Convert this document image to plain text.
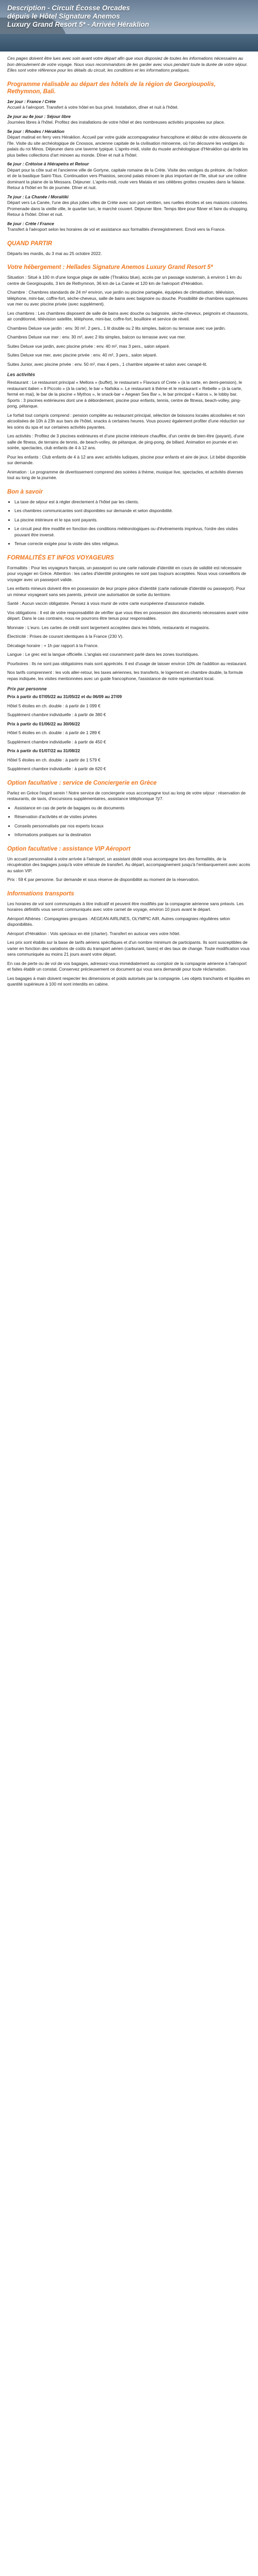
Description - Circuit Écosse Orcades
dépuis le Hôtel Signature Anemos
Luxury Grand Resort 5* - Arrivée Héraklion

Ces pages doivent être lues avec soin avant votre départ afin que vous disposiez de toutes les informations nécessaires au bon déroulement de votre voyage. Nous vous recommandons de les garder avec vous pendant toute la durée de votre séjour. Elles sont votre référence pour les détails du circuit, les conditions et les informations pratiques.

Programme réalisable au départ des hôtels de la région de Georgioupolis, Rethymnon, Bali.

1er jour : France / Crète
Accueil à l'aéroport. Transfert à votre hôtel en bus privé. Installation, dîner et nuit à l'hôtel.

2e jour au 4e jour : Séjour libre
Journées libres à l'hôtel. Profitez des installations de votre hôtel et des nombreuses activités proposées sur place.

5e jour : Rhodes / Héraklion
Départ matinal en ferry vers Héraklion. Accueil par votre guide accompagnateur francophone et début de votre découverte de l'île. Visite du site archéologique de Cnossos, ancienne capitale de la civilisation minoenne, où l'on découvre les vestiges du palais du roi Minos. Déjeuner dans une taverne typique. L'après-midi, visite du musée archéologique d'Héraklion qui abrite les plus belles collections d'art minoen au monde. Dîner et nuit à l'hôtel.

6e jour : Crétoise à Hiérapetra et Retour
Départ pour la côte sud et l'ancienne ville de Gortyne, capitale romaine de la Crète. Visite des vestiges du prétoire, de l'odéon et de la basilique Saint-Titus. Continuation vers Phaistos, second palais minoen le plus important de l'île, situé sur une colline dominant la plaine de la Messara. Déjeuner. L'après-midi, route vers Matala et ses célèbres grottes creusées dans la falaise. Retour à l'hôtel en fin de journée. Dîner et nuit.

7e jour : La Chanée / Moraitiki
Départ vers La Canée, l'une des plus jolies villes de Crète avec son port vénitien, ses ruelles étroites et ses maisons colorées. Promenade dans la vieille ville, le quartier turc, le marché couvert. Déjeuner libre. Temps libre pour flâner et faire du shopping. Retour à l'hôtel. Dîner et nuit.

8e jour : Crète / France
Transfert à l'aéroport selon les horaires de vol et assistance aux formalités d'enregistrement. Envol vers la France.

QUAND PARTIR

Départs les mardis, du 3 mai au 25 octobre 2022.

Votre hébergement : Hellades Signature Anemos Luxury Grand Resort 5*

Situation : Situé à 100 m d'une longue plage de sable (Thrakiou blue), accès par un passage souterrain, à environ 1 km du centre de Georgioupolis, 3 km de Rethymnon, 36 km de La Canée et 120 km de l'aéroport d'Héraklion.

Chambre : Chambres standards de 24 m² environ, vue jardin ou piscine partagée, équipées de climatisation, télévision, téléphone, mini-bar, coffre-fort, sèche-cheveux, salle de bains avec baignoire ou douche. Possibilité de chambres supérieures vue mer ou avec piscine privée (avec supplément).

Les chambres : Les chambres disposent de salle de bains avec douche ou baignoire, sèche-cheveux, peignoirs et chaussons, air conditionné, télévision satellite, téléphone, mini-bar, coffre-fort, bouilloire et service de réveil.

Chambres Deluxe vue jardin : env. 30 m², 2 pers., 1 lit double ou 2 lits simples, balcon ou terrasse avec vue jardin.

Chambres Deluxe vue mer : env. 30 m², avec 2 lits simples, balcon ou terrasse avec vue mer.

Suites Deluxe vue jardin, avec piscine privée : env. 40 m², max 3 pers., salon séparé.

Suites Deluxe vue mer, avec piscine privée : env. 40 m², 3 pers., salon séparé.

Suites Junior, avec piscine privée : env. 50 m², max 4 pers., 1 chambre séparée et salon avec canapé-lit.

Les activités

Restaurant : Le restaurant principal « Mellora » (buffet), le restaurant « Flavours of Crete » (à la carte, en demi-pension), le restaurant italien « Il Piccolo » (à la carte), le bar « Nafsika ». Le restaurant à thème et le restaurant « Rebelle » (à la carte, fermé en mai), le bar de la piscine « Mythos », le snack-bar « Aegean Sea Bar », le bar principal « Kairos », le lobby bar. Sports : 3 piscines extérieures dont une à débordement, piscine pour enfants, tennis, centre de fitness, beach-volley, ping-pong, pétanque.

Le forfait tout compris comprend : pension complète au restaurant principal, sélection de boissons locales alcoolisées et non alcoolisées de 10h à 23h aux bars de l'hôtel, snacks à certaines heures. Vous pouvez également profiter d'une réduction sur les soins du spa et sur certaines activités payantes.

Les activités : Profitez de 3 piscines extérieures et d'une piscine intérieure chauffée, d'un centre de bien-être (payant), d'une salle de fitness, de terrains de tennis, de beach-volley, de pétanque, de ping-pong, de billard. Animation en journée et en soirée, spectacles, club enfants de 4 à 12 ans.

Pour les enfants : Club enfants de 4 à 12 ans avec activités ludiques, piscine pour enfants et aire de jeux. Lit bébé disponible sur demande.

Animation : Le programme de divertissement comprend des soirées à thème, musique live, spectacles, et activités diverses tout au long de la journée.

Bon à savoir
• La taxe de séjour est à régler directement à l'hôtel par les clients.
• Les chambres communicantes sont disponibles sur demande et selon disponibilité.
• La piscine intérieure et le spa sont payants.
• Le circuit peut être modifié en fonction des conditions météorologiques ou d'événements imprévus, l'ordre des visites pouvant être inversé.
• Tenue correcte exigée pour la visite des sites religieux.
FORMALITÉS ET INFOS VOYAGEURS

Formalités : Pour les voyageurs français, un passeport ou une carte nationale d'identité en cours de validité est nécessaire pour voyager en Grèce. Attention : les cartes d'identité prolongées ne sont pas toujours acceptées. Nous vous conseillons de voyager avec un passeport valide.

Les enfants mineurs doivent être en possession de leur propre pièce d'identité (carte nationale d'identité ou passeport). Pour un mineur voyageant sans ses parents, prévoir une autorisation de sortie du territoire.

Santé : Aucun vaccin obligatoire. Pensez à vous munir de votre carte européenne d'assurance maladie.

Vos obligations : Il est de votre responsabilité de vérifier que vous êtes en possession des documents nécessaires avant votre départ. Dans le cas contraire, nous ne pourrons être tenus pour responsables.

Monnaie : L'euro. Les cartes de crédit sont largement acceptées dans les hôtels, restaurants et magasins.

Électricité : Prises de courant identiques à la France (230 V).

Décalage horaire : + 1h par rapport à la France.

Langue : Le grec est la langue officielle. L'anglais est couramment parlé dans les zones touristiques.

Pourboires : Ils ne sont pas obligatoires mais sont appréciés. Il est d'usage de laisser environ 10% de l'addition au restaurant.

Nos tarifs comprennent : les vols aller-retour, les taxes aériennes, les transferts, le logement en chambre double, la formule repas indiquée, les visites mentionnées avec un guide francophone, l'assistance de notre représentant local.

Prix par personne

Prix à partir du 07/05/22 au 31/05/22 et du 06/09 au 27/09

Hôtel 5 étoiles en ch. double : à partir de 1 099 €

Supplément chambre individuelle : à partir de 380 €

Prix à partir du 01/06/22 au 30/06/22

Hôtel 5 étoiles en ch. double : à partir de 1 289 €

Supplément chambre individuelle : à partir de 450 €

Prix à partir du 01/07/22 au 31/08/22

Hôtel 5 étoiles en ch. double : à partir de 1 579 €

Supplément chambre individuelle : à partir de 620 €

Option facultative : service de Conciergerie en Grèce

Parlez en Grèce l'esprit serein ! Notre service de conciergerie vous accompagne tout au long de votre séjour : réservation de restaurants, de taxis, d'excursions supplémentaires, assistance téléphonique 7j/7.

• Assistance en cas de perte de bagages ou de documents
• Réservation d'activités et de visites privées
• Conseils personnalisés par nos experts locaux
• Informations pratiques sur la destination
Option facultative : assistance VIP Aéroport

Un accueil personnalisé à votre arrivée à l'aéroport, un assistant dédié vous accompagne lors des formalités, de la récupération des bagages jusqu'à votre véhicule de transfert. Au départ, accompagnement jusqu'à l'embarquement avec accès au salon VIP.

Prix : 59 € par personne. Sur demande et sous réserve de disponibilité au moment de la réservation.

Informations transports

Les horaires de vol sont communiqués à titre indicatif et peuvent être modifiés par la compagnie aérienne sans préavis. Les horaires définitifs vous seront communiqués avec votre carnet de voyage, environ 10 jours avant le départ.

Aéroport Athènes : Compagnies grecques : AEGEAN AIRLINES, OLYMPIC AIR. Autres compagnies régulières selon disponibilités.

Aéroport d'Héraklion : Vols spéciaux en été (charter). Transfert en autocar vers votre hôtel.

Les prix sont établis sur la base de tarifs aériens spécifiques et d'un nombre minimum de participants. Ils sont susceptibles de varier en fonction des variations de coûts du transport aérien (carburant, taxes) et des taux de change. Toute modification vous sera communiquée au moins 21 jours avant votre départ.

En cas de perte ou de vol de vos bagages, adressez-vous immédiatement au comptoir de la compagnie aérienne à l'aéroport et faites établir un constat. Conservez précieusement ce document qui vous sera demandé pour toute réclamation.

Les bagages à main doivent respecter les dimensions et poids autorisés par la compagnie. Les objets tranchants et liquides en quantité supérieure à 100 ml sont interdits en cabine.
